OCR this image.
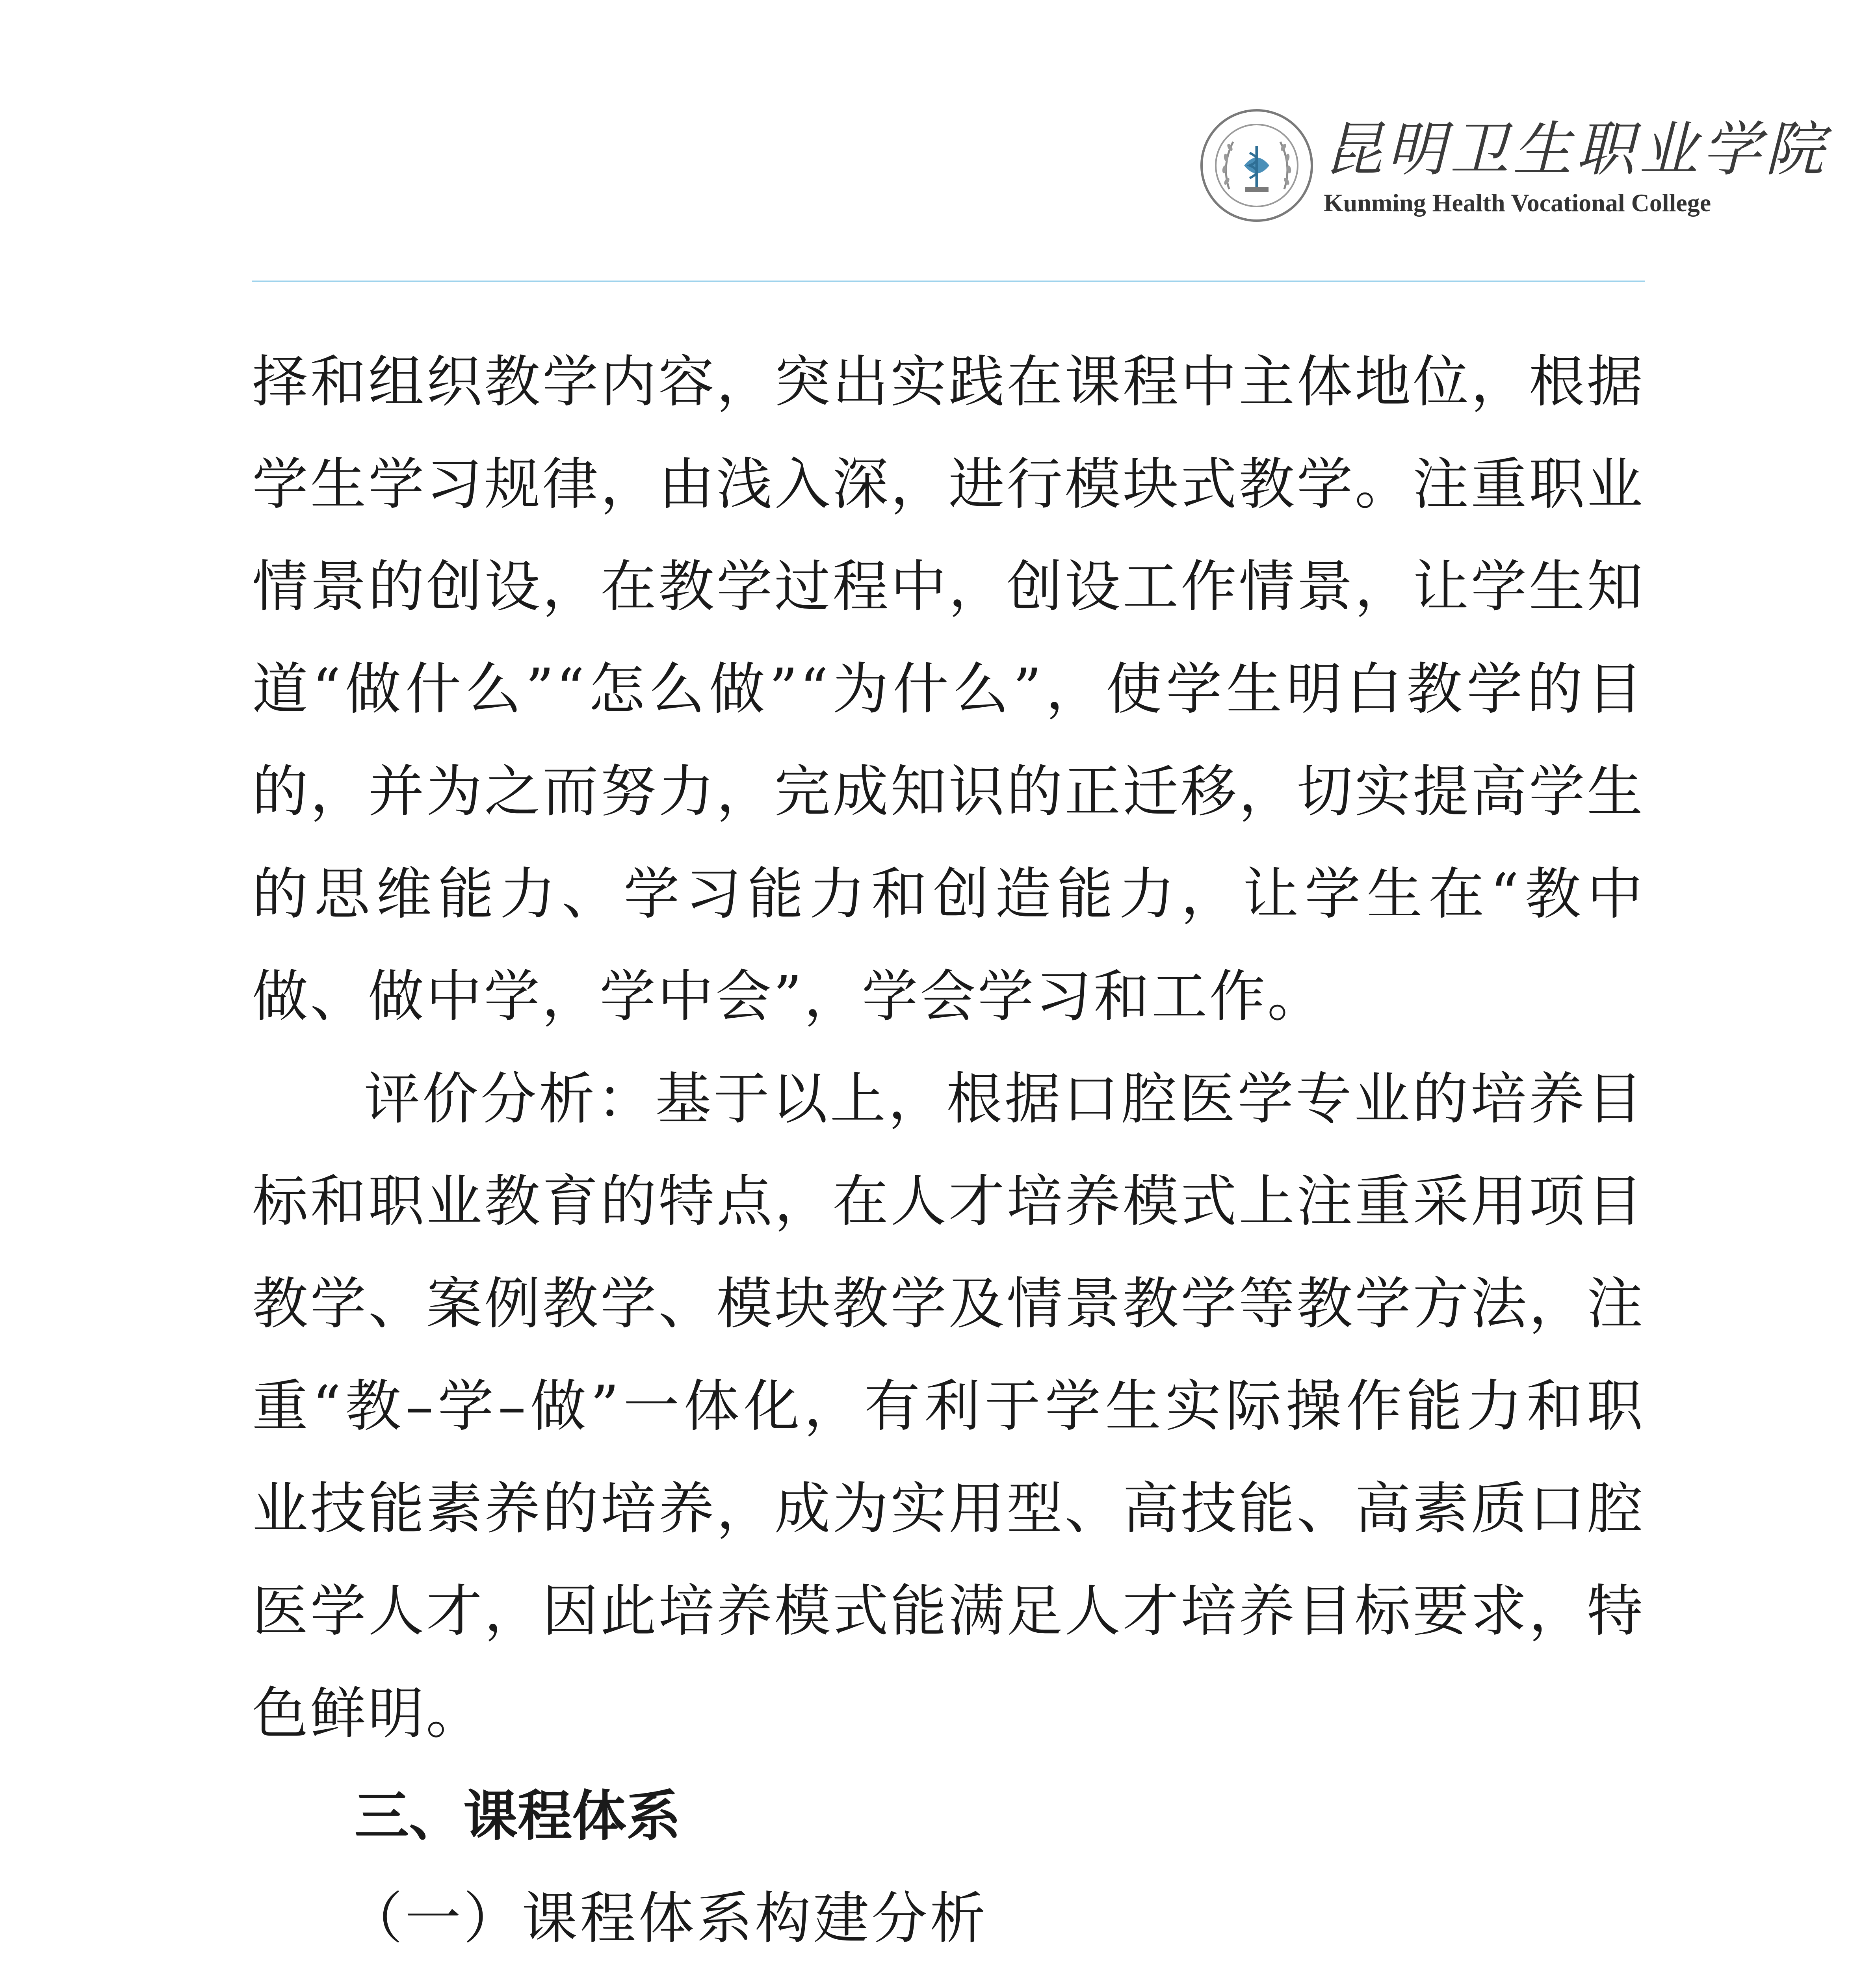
昆明卫生职业学院
Kunming Health Vocational College

择和组织教学内容，突出实践在课程中主体地位，根据学生学习规律，由浅入深，进行模块式教学。注重职业情景的创设，在教学过程中，创设工作情景，让学生知道“做什么”“怎么做”“为什么”，使学生明白教学的目的，并为之而努力，完成知识的正迁移，切实提高学生的思维能力、学习能力和创造能力，让学生在“教中做、做中学，学中会”，学会学习和工作。

评价分析：基于以上，根据口腔医学专业的培养目标和职业教育的特点，在人才培养模式上注重采用项目教学、案例教学、模块教学及情景教学等教学方法，注重“教–学–做”一体化，有利于学生实际操作能力和职业技能素养的培养，成为实用型、高技能、高素质口腔医学人才，因此培养模式能满足人才培养目标要求，特色鲜明。

三、课程体系

（一）课程体系构建分析
